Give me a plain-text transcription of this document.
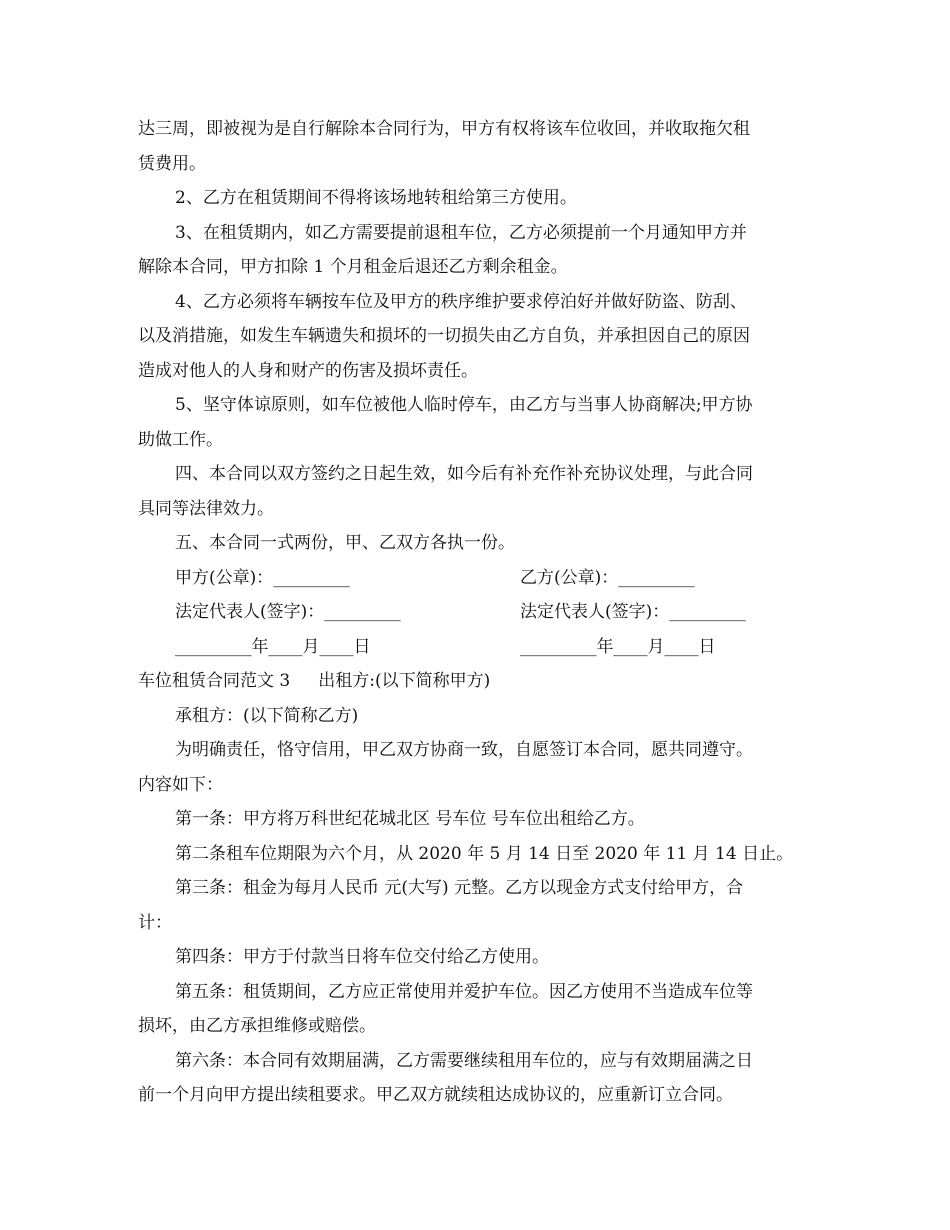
达三周，即被视为是自行解除本合同行为，甲方有权将该车位收回，并收取拖欠租

赁费用。

2、乙方在租赁期间不得将该场地转租给第三方使用。

3、在租赁期内，如乙方需要提前退租车位，乙方必须提前一个月通知甲方并

解除本合同，甲方扣除 1 个月租金后退还乙方剩余租金。

4、乙方必须将车辆按车位及甲方的秩序维护要求停泊好并做好防盗、防刮、

以及消措施，如发生车辆遗失和损坏的一切损失由乙方自负，并承担因自己的原因

造成对他人的人身和财产的伤害及损坏责任。

5、坚守体谅原则，如车位被他人临时停车，由乙方与当事人协商解决;甲方协

助做工作。

四、本合同以双方签约之日起生效，如今后有补充作补充协议处理，与此合同

具同等法律效力。

五、本合同一式两份，甲、乙双方各执一份。

甲方(公章)：_________	乙方(公章)：_________
法定代表人(签字)：_________	法定代表人(签字)：_________
_________年____月____日	_________年____月____日
车位租赁合同范文 3 出租方:(以下简称甲方)

承租方：(以下简称乙方)

为明确责任，恪守信用，甲乙双方协商一致，自愿签订本合同，愿共同遵守。

内容如下：

第一条：甲方将万科世纪花城北区 号车位 号车位出租给乙方。

第二条租车位期限为六个月，从 2020 年 5 月 14 日至 2020 年 11 月 14 日止。

第三条：租金为每月人民币 元(大写) 元整。乙方以现金方式支付给甲方，合

计：

第四条：甲方于付款当日将车位交付给乙方使用。

第五条：租赁期间，乙方应正常使用并爱护车位。因乙方使用不当造成车位等

损坏，由乙方承担维修或赔偿。

第六条：本合同有效期届满，乙方需要继续租用车位的，应与有效期届满之日

前一个月向甲方提出续租要求。甲乙双方就续租达成协议的，应重新订立合同。
